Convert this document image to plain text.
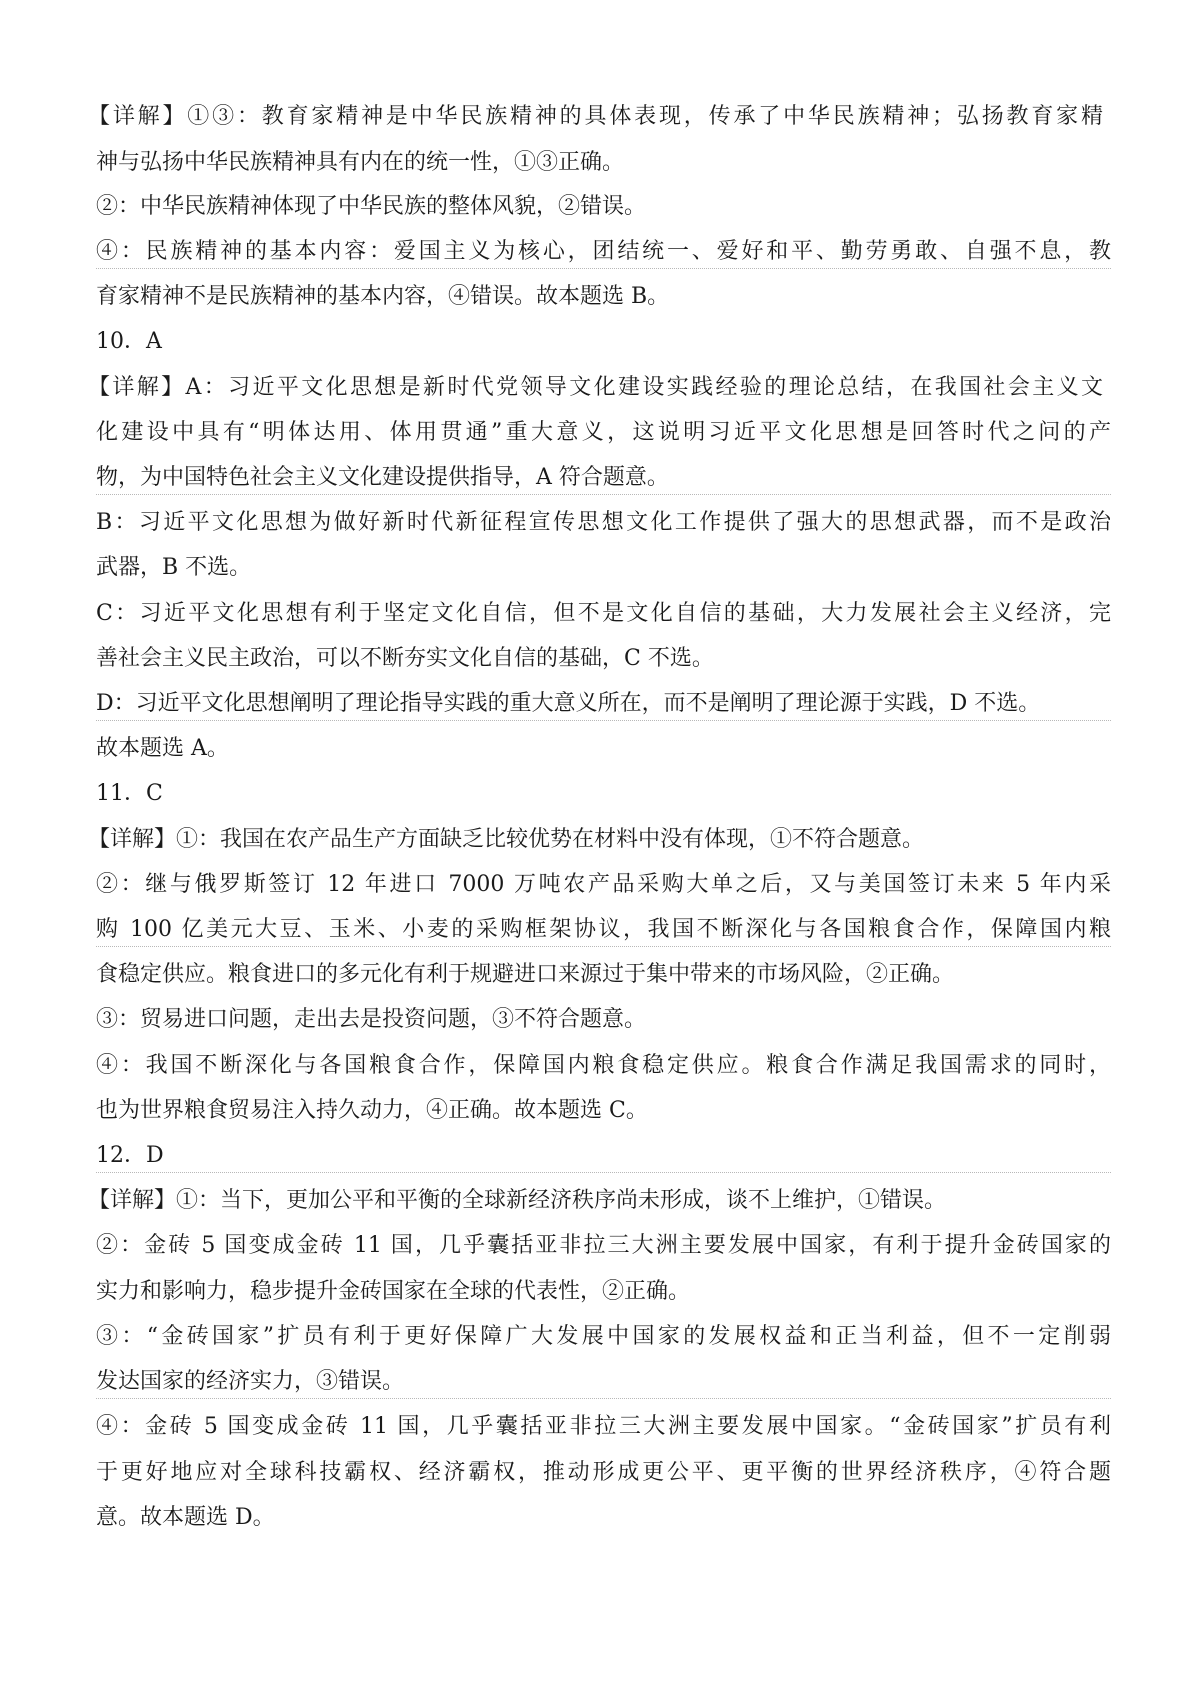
【详解】①③：教育家精神是中华民族精神的具体表现，传承了中华民族精神；弘扬教育家精
神与弘扬中华民族精神具有内在的统一性，①③正确。
②：中华民族精神体现了中华民族的整体风貌，②错误。
④：民族精神的基本内容：爱国主义为核心，团结统一、爱好和平、勤劳勇敢、自强不息，教
育家精神不是民族精神的基本内容，④错误。故本题选 B。
10．A
【详解】A：习近平文化思想是新时代党领导文化建设实践经验的理论总结，在我国社会主义文
化建设中具有“明体达用、体用贯通”重大意义，这说明习近平文化思想是回答时代之问的产
物，为中国特色社会主义文化建设提供指导，A 符合题意。
B：习近平文化思想为做好新时代新征程宣传思想文化工作提供了强大的思想武器，而不是政治
武器，B 不选。
C：习近平文化思想有利于坚定文化自信，但不是文化自信的基础，大力发展社会主义经济，完
善社会主义民主政治，可以不断夯实文化自信的基础，C 不选。
D：习近平文化思想阐明了理论指导实践的重大意义所在，而不是阐明了理论源于实践，D 不选。
故本题选 A。
11．C
【详解】①：我国在农产品生产方面缺乏比较优势在材料中没有体现，①不符合题意。
②：继与俄罗斯签订 12 年进口 7000 万吨农产品采购大单之后，又与美国签订未来 5 年内采
购 100 亿美元大豆、玉米、小麦的采购框架协议，我国不断深化与各国粮食合作，保障国内粮
食稳定供应。粮食进口的多元化有利于规避进口来源过于集中带来的市场风险，②正确。
③：贸易进口问题，走出去是投资问题，③不符合题意。
④：我国不断深化与各国粮食合作，保障国内粮食稳定供应。粮食合作满足我国需求的同时，
也为世界粮食贸易注入持久动力，④正确。故本题选 C。
12．D
【详解】①：当下，更加公平和平衡的全球新经济秩序尚未形成，谈不上维护，①错误。
②：金砖 5 国变成金砖 11 国，几乎囊括亚非拉三大洲主要发展中国家，有利于提升金砖国家的
实力和影响力，稳步提升金砖国家在全球的代表性，②正确。
③：“金砖国家”扩员有利于更好保障广大发展中国家的发展权益和正当利益，但不一定削弱
发达国家的经济实力，③错误。
④：金砖 5 国变成金砖 11 国，几乎囊括亚非拉三大洲主要发展中国家。“金砖国家”扩员有利
于更好地应对全球科技霸权、经济霸权，推动形成更公平、更平衡的世界经济秩序，④符合题
意。故本题选 D。
